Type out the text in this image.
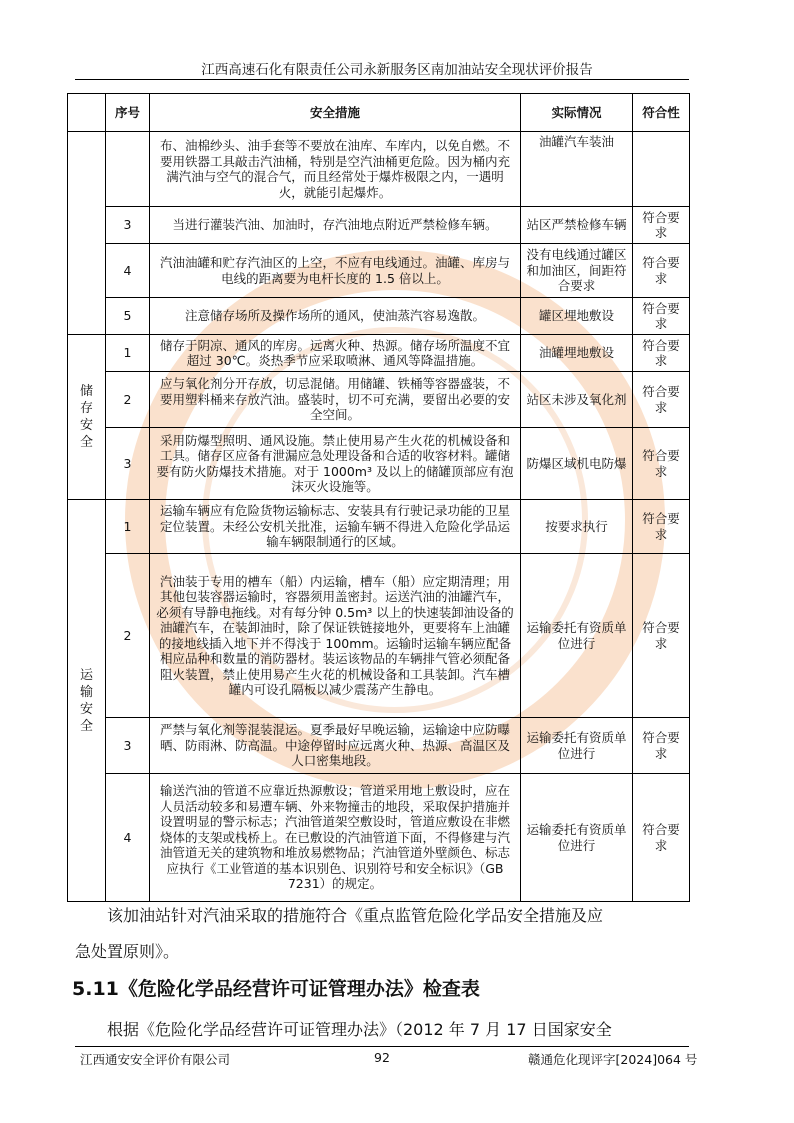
江西高速石化有限责任公司永新服务区南加油站安全现状评价报告
	序号	安全措施	实际情况	符合性
		布、油棉纱头、油手套等不要放在油库、车库内，以免自燃。不要用铁器工具敲击汽油桶，特别是空汽油桶更危险。因为桶内充满汽油与空气的混合气，而且经常处于爆炸极限之内，一遇明火，就能引起爆炸。	油罐汽车装油	
	3	当进行灌装汽油、加油时，存汽油地点附近严禁检修车辆。	站区严禁检修车辆	符合要求
	4	汽油油罐和贮存汽油区的上空，不应有电线通过。油罐、库房与电线的距离要为电杆长度的 1.5 倍以上。	没有电线通过罐区和加油区，间距符合要求	符合要求
	5	注意储存场所及操作场所的通风，使油蒸汽容易逸散。	罐区埋地敷设	符合要求
储存安全	1	储存于阴凉、通风的库房。远离火种、热源。储存场所温度不宜超过 30℃。炎热季节应采取喷淋、通风等降温措施。	油罐埋地敷设	符合要求
	2	应与氧化剂分开存放，切忌混储。用储罐、铁桶等容器盛装，不要用塑料桶来存放汽油。盛装时，切不可充满，要留出必要的安全空间。	站区未涉及氧化剂	符合要求
	3	采用防爆型照明、通风设施。禁止使用易产生火花的机械设备和工具。储存区应备有泄漏应急处理设备和合适的收容材料。罐储要有防火防爆技术措施。对于 1000m³ 及以上的储罐顶部应有泡沫灭火设施等。	防爆区域机电防爆	符合要求
运输安全	1	运输车辆应有危险货物运输标志、安装具有行驶记录功能的卫星定位装置。未经公安机关批准，运输车辆不得进入危险化学品运输车辆限制通行的区域。	按要求执行	符合要求
	2	汽油装于专用的槽车（船）内运输，槽车（船）应定期清理；用其他包装容器运输时，容器须用盖密封。运送汽油的油罐汽车，必须有导静电拖线。对有每分钟 0.5m³ 以上的快速装卸油设备的油罐汽车，在装卸油时，除了保证铁链接地外，更要将车上油罐的接地线插入地下并不得浅于 100mm。运输时运输车辆应配备相应品种和数量的消防器材。装运该物品的车辆排气管必须配备阻火装置，禁止使用易产生火花的机械设备和工具装卸。汽车槽罐内可设孔隔板以减少震荡产生静电。	运输委托有资质单位进行	符合要求
	3	严禁与氧化剂等混装混运。夏季最好早晚运输，运输途中应防曝晒、防雨淋、防高温。中途停留时应远离火种、热源、高温区及人口密集地段。	运输委托有资质单位进行	符合要求
	4	输送汽油的管道不应靠近热源敷设；管道采用地上敷设时，应在人员活动较多和易遭车辆、外来物撞击的地段，采取保护措施并设置明显的警示标志；汽油管道架空敷设时，管道应敷设在非燃烧体的支架或栈桥上。在已敷设的汽油管道下面，不得修建与汽油管道无关的建筑物和堆放易燃物品；汽油管道外壁颜色、标志应执行《工业管道的基本识别色、识别符号和安全标识》（GB 7231）的规定。	运输委托有资质单位进行	符合要求
该加油站针对汽油采取的措施符合《重点监管危险化学品安全措施及应
急处置原则》。
5.11《危险化学品经营许可证管理办法》检查表
根据《危险化学品经营许可证管理办法》（2012 年 7 月 17 日国家安全
江西通安安全评价有限公司	92	赣通危化现评字[2024]064 号
